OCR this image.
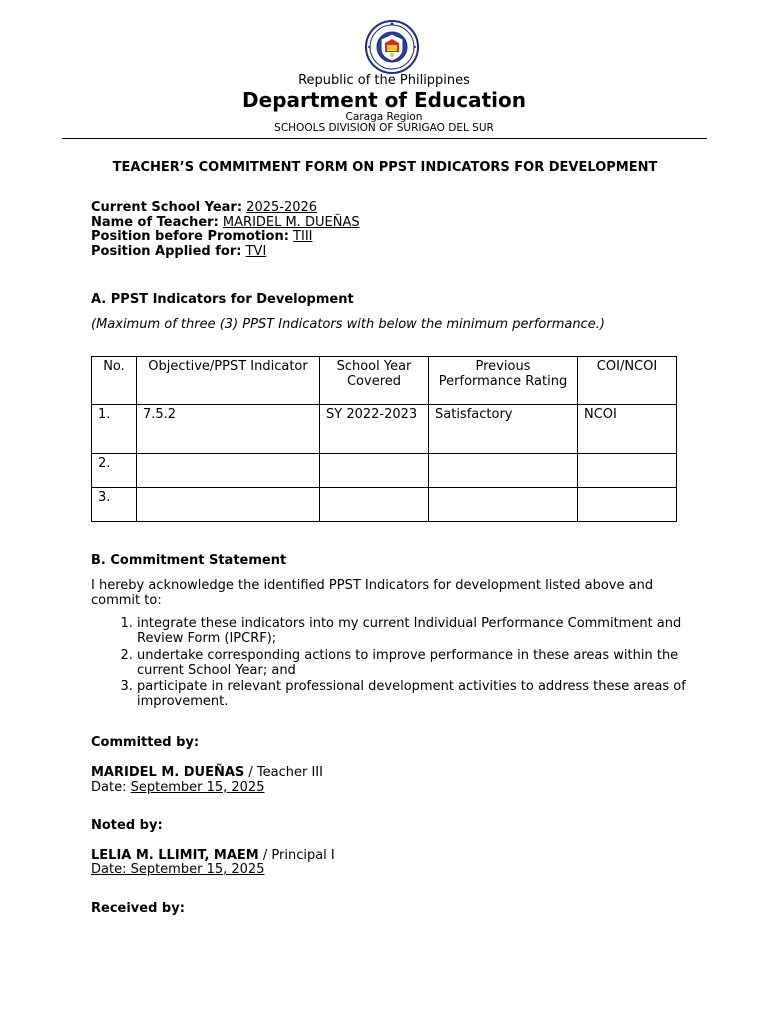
Republic of the Philippines
Department of Education
Caraga Region
SCHOOLS DIVISION OF SURIGAO DEL SUR
TEACHER’S COMMITMENT FORM ON PPST INDICATORS FOR DEVELOPMENT
Current School Year: 2025-2026
Name of Teacher: MARIDEL M. DUEÑAS
Position before Promotion: TIII
Position Applied for: TVI
A. PPST Indicators for Development
(Maximum of three (3) PPST Indicators with below the minimum performance.)
No.	Objective/PPST Indicator	School Year Covered	Previous Performance Rating	COI/NCOI
1.	7.5.2	SY 2022-2023	Satisfactory	NCOI
2.				
3.				
B. Commitment Statement
I hereby acknowledge the identified PPST Indicators for development listed above and commit to:
1. integrate these indicators into my current Individual Performance Commitment and Review Form (IPCRF);
2. undertake corresponding actions to improve performance in these areas within the current School Year; and
3. participate in relevant professional development activities to address these areas of improvement.
Committed by:
MARIDEL M. DUEÑAS / Teacher III
Date: September 15, 2025
Noted by:
LELIA M. LLIMIT, MAEM / Principal I
Date: September 15, 2025
Received by:
